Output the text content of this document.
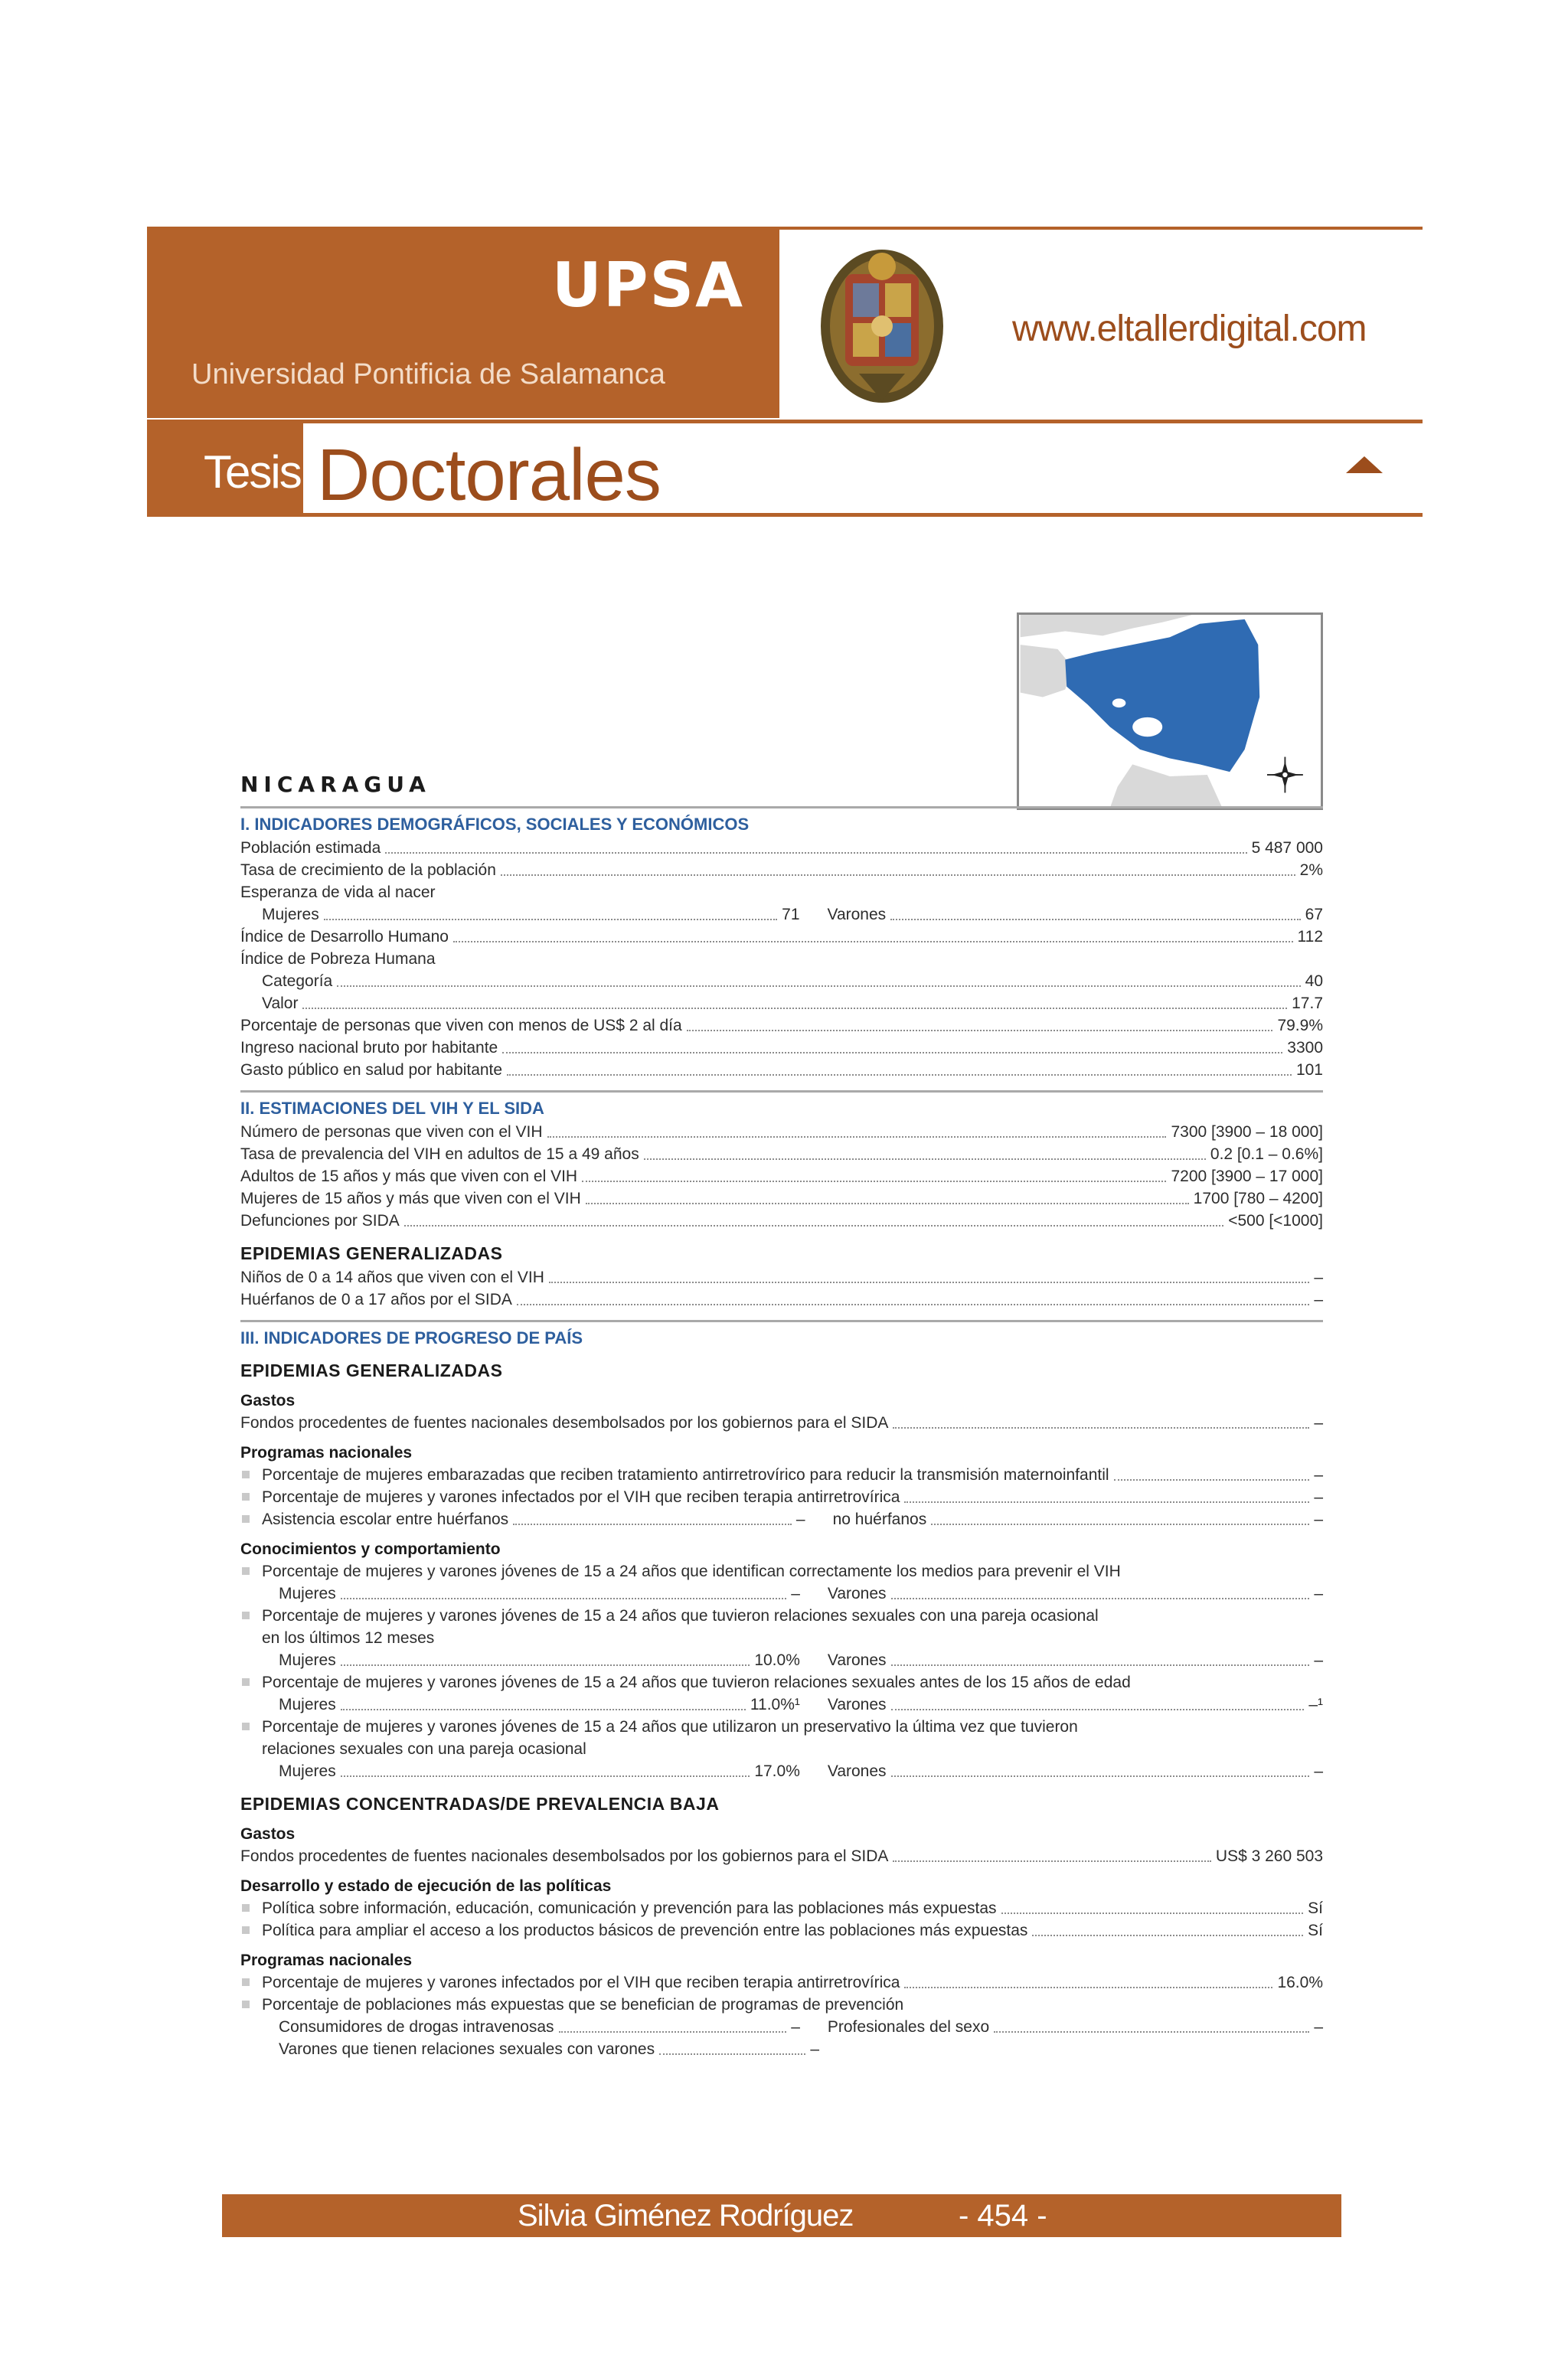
UPSA
Universidad Pontificia de Salamanca
www.eltallerdigital.com
Tesis Doctorales
NICARAGUA
I. INDICADORES DEMOGRÁFICOS, SOCIALES Y ECONÓMICOS
Población estimada	5 487 000
Tasa de crecimiento de la población	2%
Esperanza de vida al nacer
Mujeres	71 Varones	67
Índice de Desarrollo Humano	112
Índice de Pobreza Humana
Categoría	40
Valor	17.7
Porcentaje de personas que viven con menos de US$ 2 al día	79.9%
Ingreso nacional bruto por habitante	3300
Gasto público en salud por habitante	101
II. ESTIMACIONES DEL VIH Y EL SIDA
Número de personas que viven con el VIH	7300 [3900 – 18 000]
Tasa de prevalencia del VIH en adultos de 15 a 49 años	0.2 [0.1 – 0.6%]
Adultos de 15 años y más que viven con el VIH	7200 [3900 – 17 000]
Mujeres de 15 años y más que viven con el VIH	1700 [780 – 4200]
Defunciones por SIDA	<500 [<1000]
EPIDEMIAS GENERALIZADAS
Niños de 0 a 14 años que viven con el VIH	–
Huérfanos de 0 a 17 años por el SIDA	–
III. INDICADORES DE PROGRESO DE PAÍS
EPIDEMIAS GENERALIZADAS
Gastos
Fondos procedentes de fuentes nacionales desembolsados por los gobiernos para el SIDA	–
Programas nacionales
Porcentaje de mujeres embarazadas que reciben tratamiento antirretrovírico para reducir la transmisión maternoinfantil	–
Porcentaje de mujeres y varones infectados por el VIH que reciben terapia antirretrovírica	–
Asistencia escolar entre huérfanos	– no huérfanos	–
Conocimientos y comportamiento
Porcentaje de mujeres y varones jóvenes de 15 a 24 años que identifican correctamente los medios para prevenir el VIH
Mujeres	– Varones	–
Porcentaje de mujeres y varones jóvenes de 15 a 24 años que tuvieron relaciones sexuales con una pareja ocasional
en los últimos 12 meses
Mujeres	10.0% Varones	–
Porcentaje de mujeres y varones jóvenes de 15 a 24 años que tuvieron relaciones sexuales antes de los 15 años de edad
Mujeres	11.0%¹ Varones	–¹
Porcentaje de mujeres y varones jóvenes de 15 a 24 años que utilizaron un preservativo la última vez que tuvieron
relaciones sexuales con una pareja ocasional
Mujeres	17.0% Varones	–
EPIDEMIAS CONCENTRADAS/DE PREVALENCIA BAJA
Gastos
Fondos procedentes de fuentes nacionales desembolsados por los gobiernos para el SIDA	US$ 3 260 503
Desarrollo y estado de ejecución de las políticas
Política sobre información, educación, comunicación y prevención para las poblaciones más expuestas	Sí
Política para ampliar el acceso a los productos básicos de prevención entre las poblaciones más expuestas	Sí
Programas nacionales
Porcentaje de mujeres y varones infectados por el VIH que reciben terapia antirretrovírica	16.0%
Porcentaje de poblaciones más expuestas que se benefician de programas de prevención
Consumidores de drogas intravenosas	– Profesionales del sexo	–
Varones que tienen relaciones sexuales con varones	–
Silvia Giménez Rodríguez	- 454 -
